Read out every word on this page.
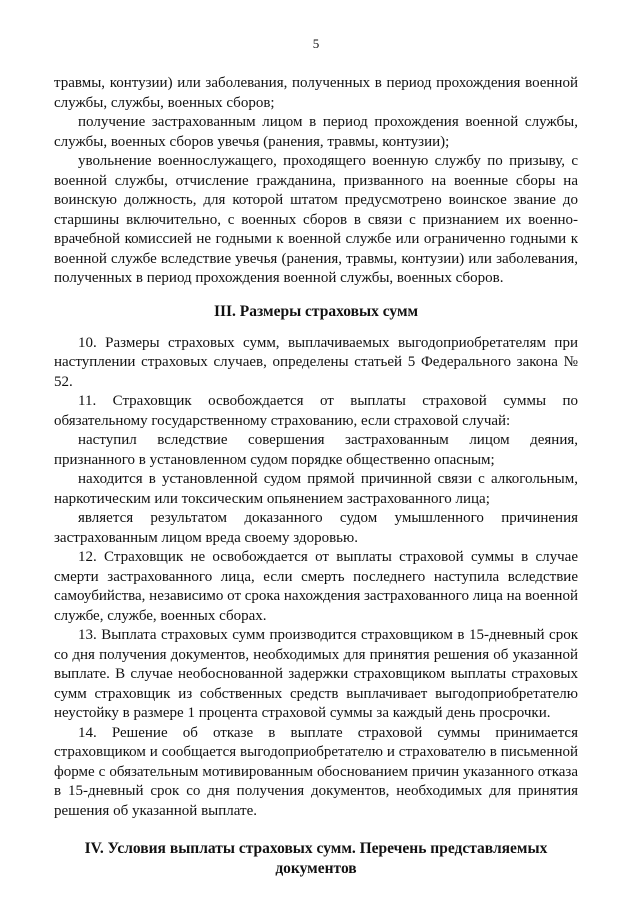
5

травмы, контузии) или заболевания, полученных в период прохождения военной службы, службы, военных сборов;

получение застрахованным лицом в период прохождения военной службы, службы, военных сборов увечья (ранения, травмы, контузии);

увольнение военнослужащего, проходящего военную службу по призыву, с военной службы, отчисление гражданина, призванного на военные сборы на воинскую должность, для которой штатом предусмотрено воинское звание до старшины включительно, с военных сборов в связи с признанием их военно-врачебной комиссией не годными к военной службе или ограниченно годными к военной службе вследствие увечья (ранения, травмы, контузии) или заболевания, полученных в период прохождения военной службы, военных сборов.

III. Размеры страховых сумм

10. Размеры страховых сумм, выплачиваемых выгодоприобретателям при наступлении страховых случаев, определены статьей 5 Федерального закона № 52.

11. Страховщик освобождается от выплаты страховой суммы по обязательному государственному страхованию, если страховой случай:

наступил вследствие совершения застрахованным лицом деяния, признанного в установленном судом порядке общественно опасным;

находится в установленной судом прямой причинной связи с алкогольным, наркотическим или токсическим опьянением застрахованного лица;

является результатом доказанного судом умышленного причинения застрахованным лицом вреда своему здоровью.

12. Страховщик не освобождается от выплаты страховой суммы в случае смерти застрахованного лица, если смерть последнего наступила вследствие самоубийства, независимо от срока нахождения застрахованного лица на военной службе, службе, военных сборах.

13. Выплата страховых сумм производится страховщиком в 15-дневный срок со дня получения документов, необходимых для принятия решения об указанной выплате. В случае необоснованной задержки страховщиком выплаты страховых сумм страховщик из собственных средств выплачивает выгодоприобретателю неустойку в размере 1 процента страховой суммы за каждый день просрочки.

14. Решение об отказе в выплате страховой суммы принимается страховщиком и сообщается выгодоприобретателю и страхователю в письменной форме с обязательным мотивированным обоснованием причин указанного отказа в 15-дневный срок со дня получения документов, необходимых для принятия решения об указанной выплате.

IV. Условия выплаты страховых сумм. Перечень представляемых
документов
